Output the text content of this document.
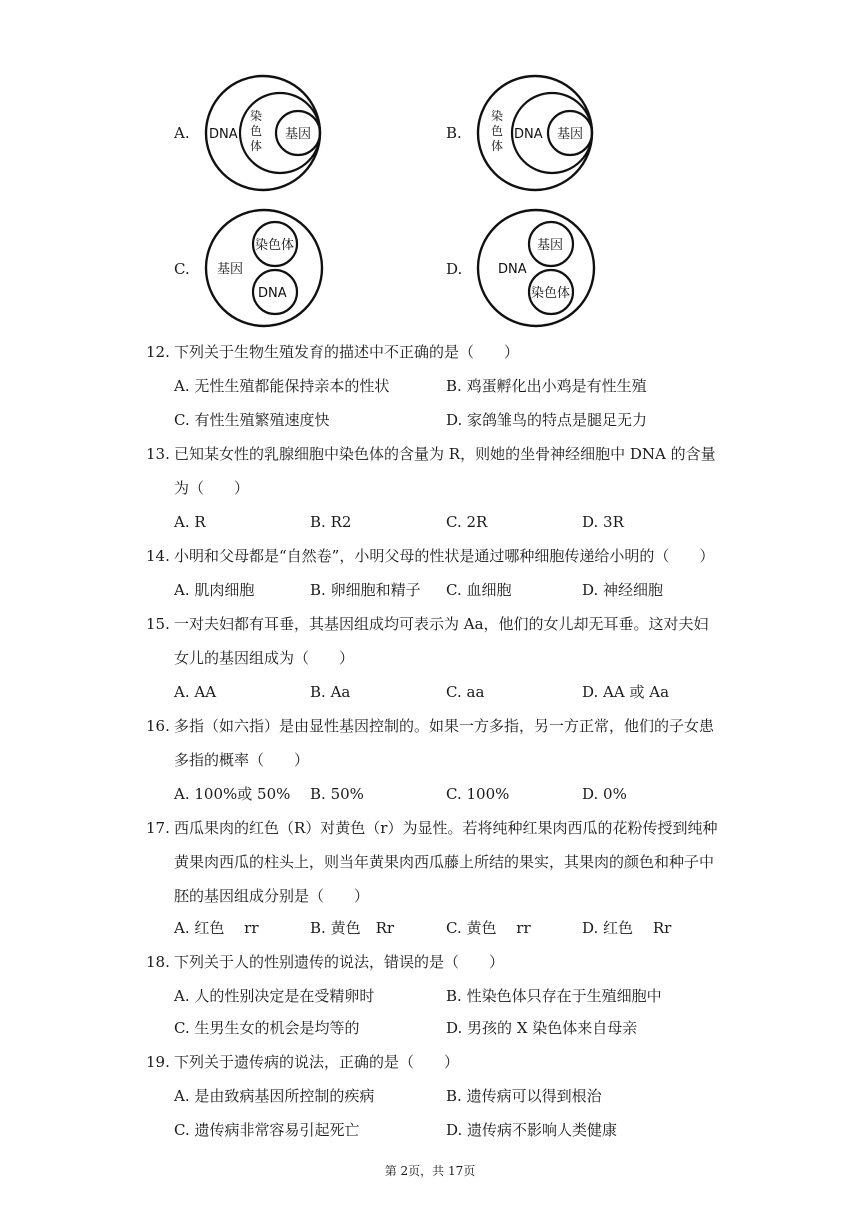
A. DNA
染
色
体
基因	B.
染
色
体
DNA 基因
C. 基因
染色体
DNA
D.	DNA
基因
染色体
12. 下列关于生物生殖发育的描述中不正确的是（　　）
A. 无性生殖都能保持亲本的性状	B. 鸡蛋孵化出小鸡是有性生殖
C. 有性生殖繁殖速度快	D. 家鸽雏鸟的特点是腿足无力
13. 已知某女性的乳腺细胞中染色体的含量为 R，则她的坐骨神经细胞中 DNA 的含量
为（　　）
A. R	B. R2	C. 2R	D. 3R
14. 小明和父母都是“自然卷”，小明父母的性状是通过哪种细胞传递给小明的（　　）
A. 肌肉细胞	B. 卵细胞和精子 C. 血细胞	D. 神经细胞
15. 一对夫妇都有耳垂，其基因组成均可表示为 Aa，他们的女儿却无耳垂。这对夫妇
女儿的基因组成为（　　）
A. AA	B. Aa	C. aa	D. AA 或 Aa
16. 多指（如六指）是由显性基因控制的。如果一方多指，另一方正常，他们的子女患
多指的概率（　　）
A. 100%或 50% B. 50%	C. 100%	D. 0%
17. 西瓜果肉的红色（R）对黄色（r）为显性。若将纯种红果肉西瓜的花粉传授到纯种
黄果肉西瓜的柱头上，则当年黄果肉西瓜藤上所结的果实，其果肉的颜色和种子中
胚的基因组成分别是（　　）
A. 红色　 rr	B. 黄色　Rr	C. 黄色　 rr	D. 红色　 Rr
18. 下列关于人的性别遗传的说法，错误的是（　　）
A. 人的性别决定是在受精卵时	B. 性染色体只存在于生殖细胞中
C. 生男生女的机会是均等的	D. 男孩的 X 染色体来自母亲
19. 下列关于遗传病的说法，正确的是（　　）
A. 是由致病基因所控制的疾病	B. 遗传病可以得到根治
C. 遗传病非常容易引起死亡	D. 遗传病不影响人类健康
第 2页，共 17页
